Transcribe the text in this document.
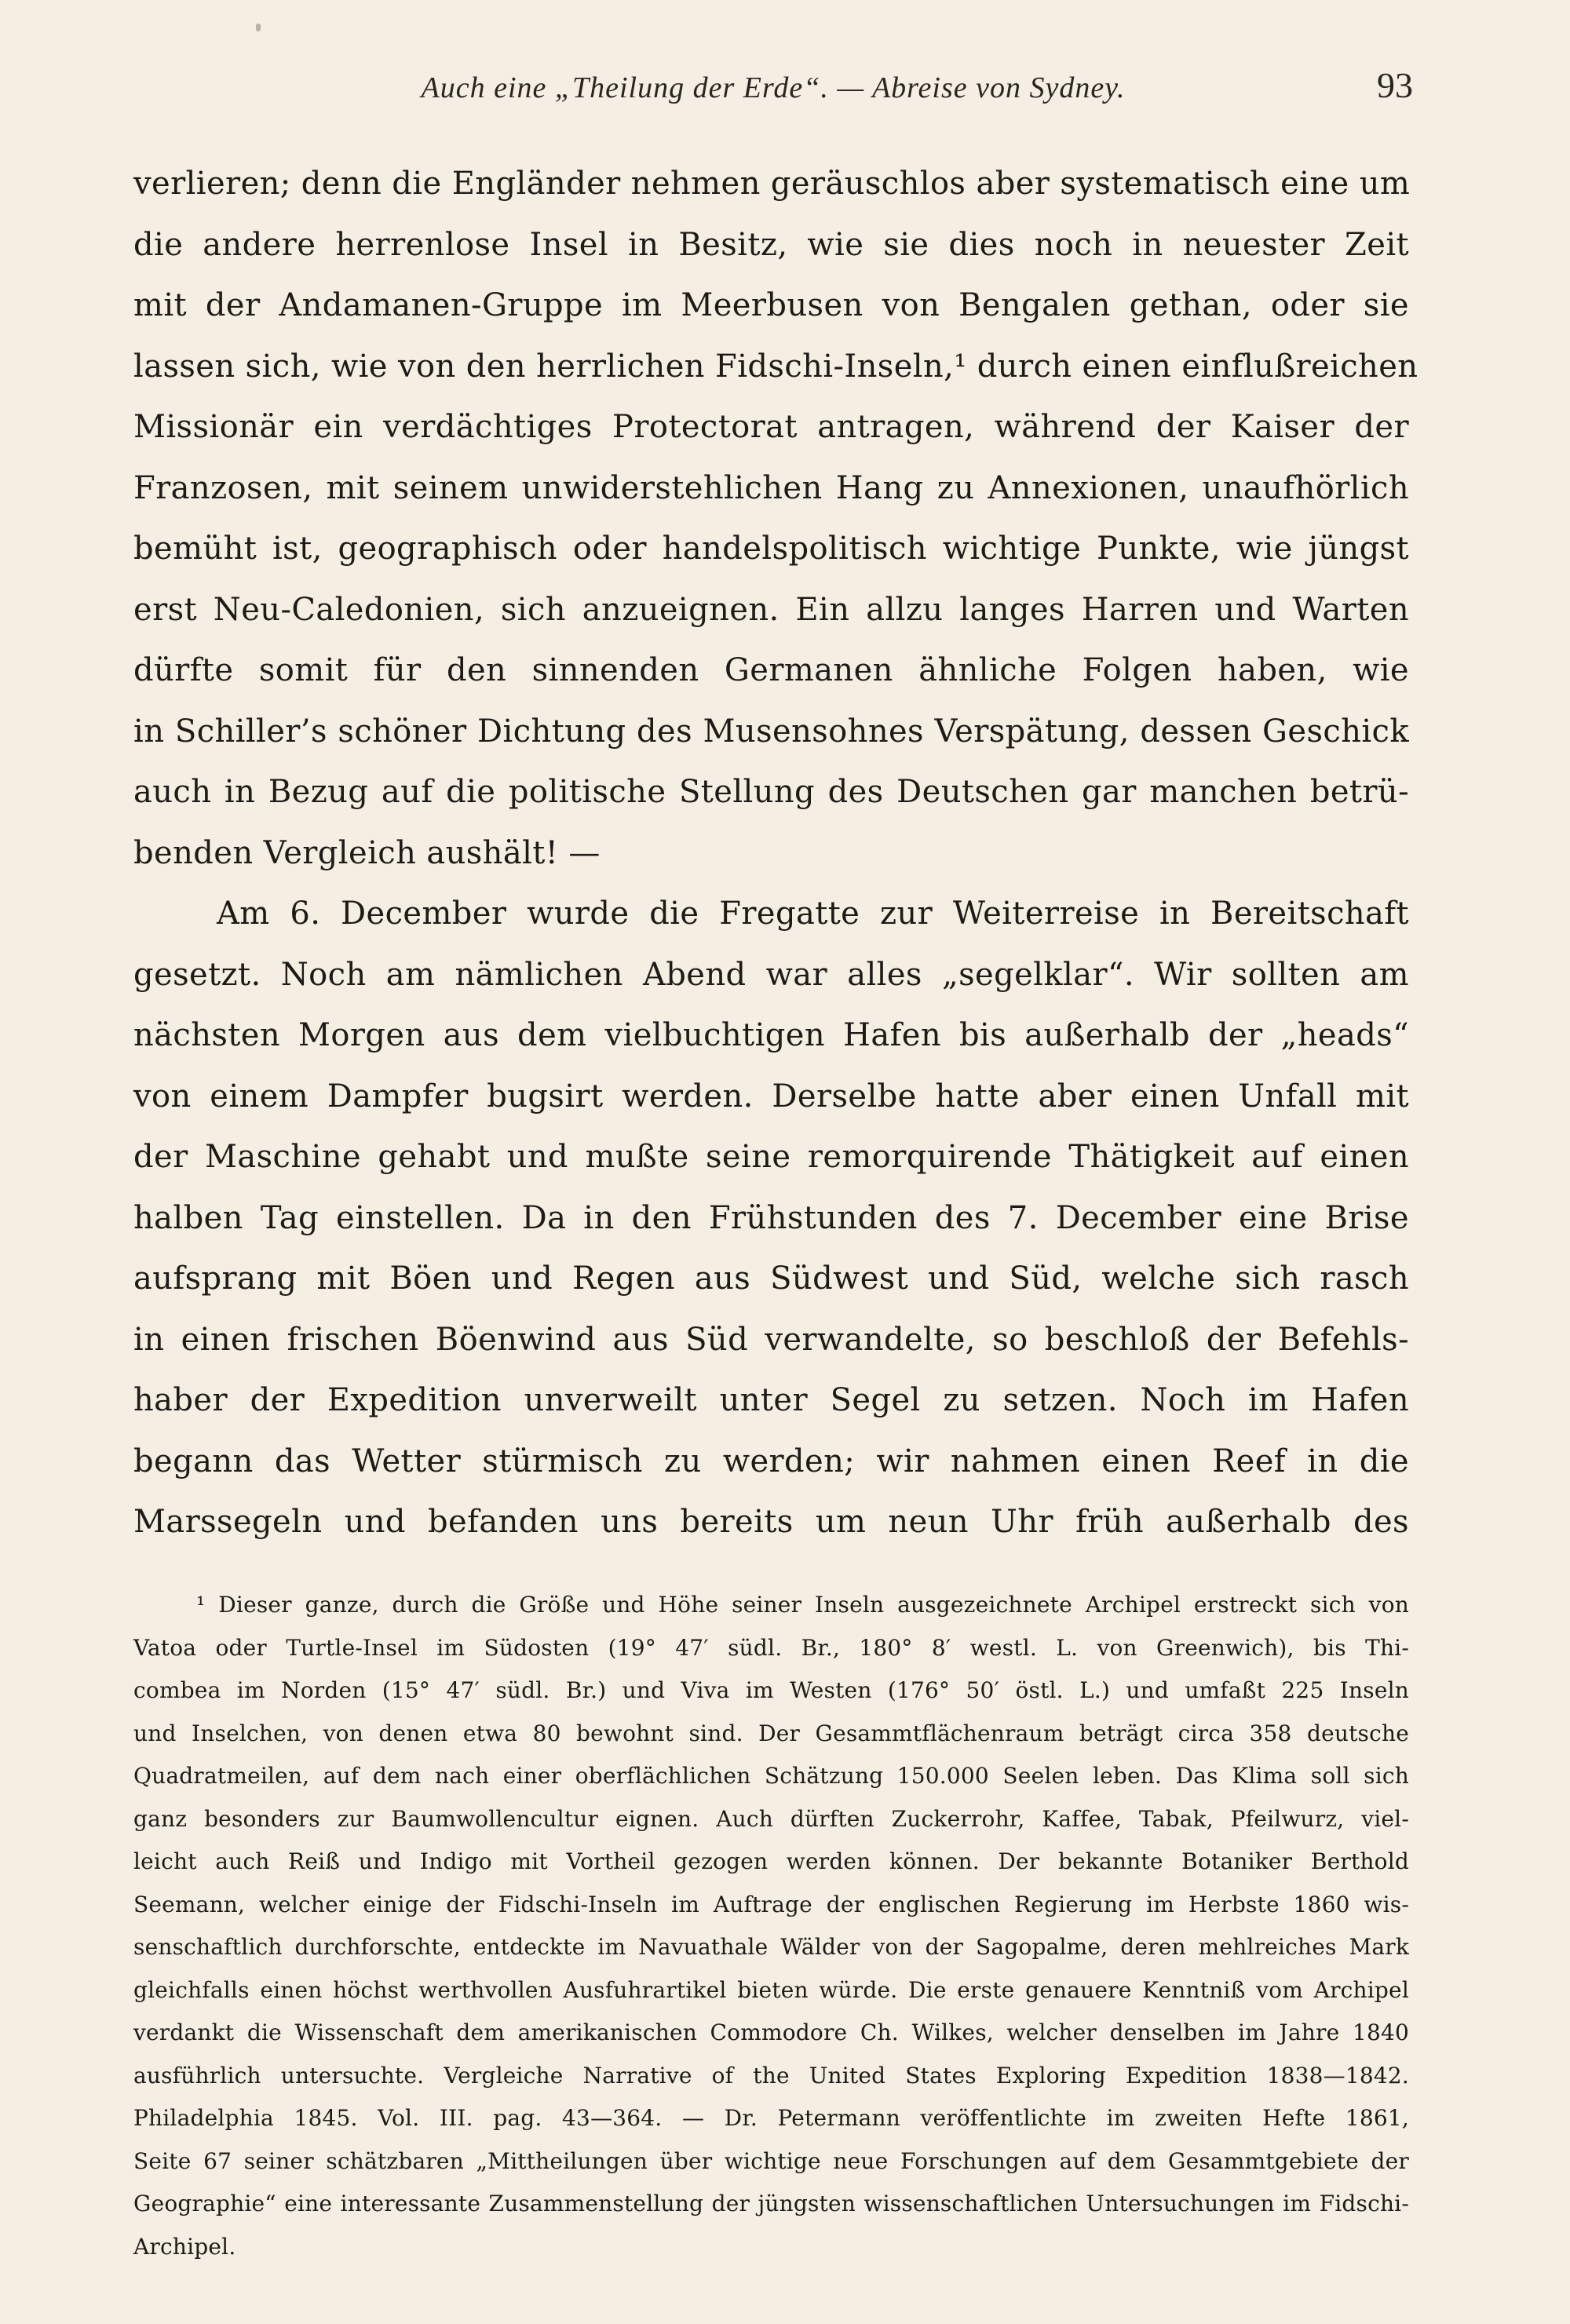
Auch eine „Theilung der Erde“. — Abreise von Sydney.	93
verlieren; denn die Engländer nehmen geräuschlos aber systematisch eine um
die andere herrenlose Insel in Besitz, wie sie dies noch in neuester Zeit
mit der Andamanen-Gruppe im Meerbusen von Bengalen gethan, oder sie
lassen sich, wie von den herrlichen Fidschi-Inseln,¹ durch einen einflußreichen
Missionär ein verdächtiges Protectorat antragen, während der Kaiser der
Franzosen, mit seinem unwiderstehlichen Hang zu Annexionen, unaufhörlich
bemüht ist, geographisch oder handelspolitisch wichtige Punkte, wie jüngst
erst Neu-Caledonien, sich anzueignen. Ein allzu langes Harren und Warten
dürfte somit für den sinnenden Germanen ähnliche Folgen haben, wie
in Schiller’s schöner Dichtung des Musensohnes Verspätung, dessen Geschick
auch in Bezug auf die politische Stellung des Deutschen gar manchen betrü-
benden Vergleich aushält! —
Am 6. December wurde die Fregatte zur Weiterreise in Bereitschaft
gesetzt. Noch am nämlichen Abend war alles „segelklar“. Wir sollten am
nächsten Morgen aus dem vielbuchtigen Hafen bis außerhalb der „heads“
von einem Dampfer bugsirt werden. Derselbe hatte aber einen Unfall mit
der Maschine gehabt und mußte seine remorquirende Thätigkeit auf einen
halben Tag einstellen. Da in den Frühstunden des 7. December eine Brise
aufsprang mit Böen und Regen aus Südwest und Süd, welche sich rasch
in einen frischen Böenwind aus Süd verwandelte, so beschloß der Befehls-
haber der Expedition unverweilt unter Segel zu setzen. Noch im Hafen
begann das Wetter stürmisch zu werden; wir nahmen einen Reef in die
Marssegeln und befanden uns bereits um neun Uhr früh außerhalb des
¹ Dieser ganze, durch die Größe und Höhe seiner Inseln ausgezeichnete Archipel erstreckt sich von
Vatoa oder Turtle-Insel im Südosten (19° 47′ südl. Br., 180° 8′ westl. L. von Greenwich), bis Thi-
combea im Norden (15° 47′ südl. Br.) und Viva im Westen (176° 50′ östl. L.) und umfaßt 225 Inseln
und Inselchen, von denen etwa 80 bewohnt sind. Der Gesammtflächenraum beträgt circa 358 deutsche
Quadratmeilen, auf dem nach einer oberflächlichen Schätzung 150.000 Seelen leben. Das Klima soll sich
ganz besonders zur Baumwollencultur eignen. Auch dürften Zuckerrohr, Kaffee, Tabak, Pfeilwurz, viel-
leicht auch Reiß und Indigo mit Vortheil gezogen werden können. Der bekannte Botaniker Berthold
Seemann, welcher einige der Fidschi-Inseln im Auftrage der englischen Regierung im Herbste 1860 wis-
senschaftlich durchforschte, entdeckte im Navuathale Wälder von der Sagopalme, deren mehlreiches Mark
gleichfalls einen höchst werthvollen Ausfuhrartikel bieten würde. Die erste genauere Kenntniß vom Archipel
verdankt die Wissenschaft dem amerikanischen Commodore Ch. Wilkes, welcher denselben im Jahre 1840
ausführlich untersuchte. Vergleiche Narrative of the United States Exploring Expedition 1838—1842.
Philadelphia 1845. Vol. III. pag. 43—364. — Dr. Petermann veröffentlichte im zweiten Hefte 1861,
Seite 67 seiner schätzbaren „Mittheilungen über wichtige neue Forschungen auf dem Gesammtgebiete der
Geographie“ eine interessante Zusammenstellung der jüngsten wissenschaftlichen Untersuchungen im Fidschi-
Archipel.
